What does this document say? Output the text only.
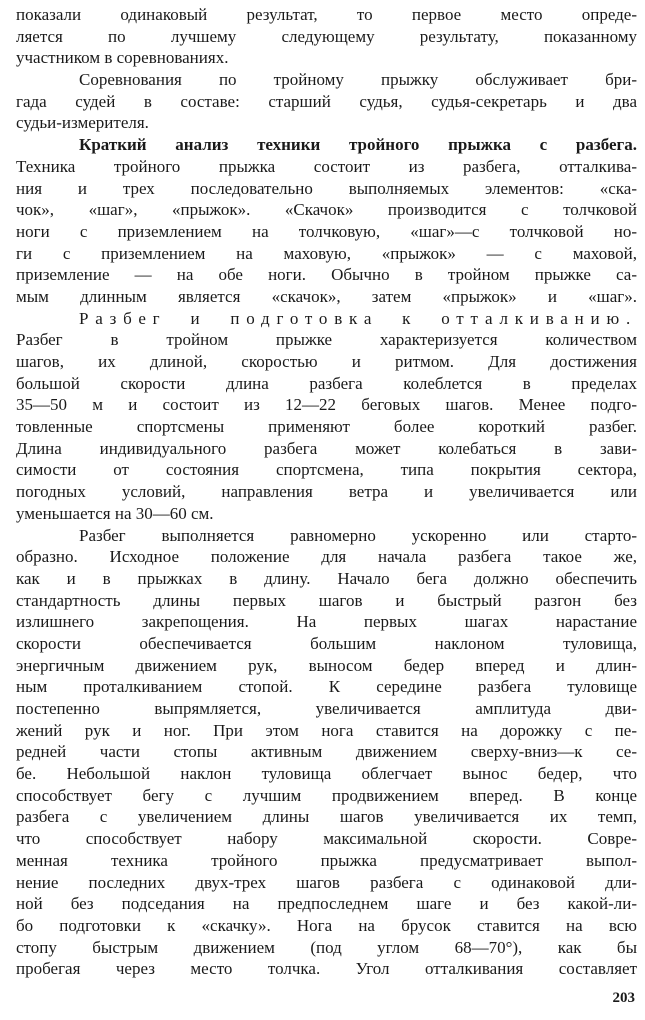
показали одинаковый результат, то первое место опреде-
ляется по лучшему следующему результату, показанному
участником в соревнованиях.
Соревнования по тройному прыжку обслуживает бри-
гада судей в составе: старший судья, судья-секретарь и два
судьи-измерителя.
Краткий анализ техники тройного прыжка с разбега.
Техника тройного прыжка состоит из разбега, отталкива-
ния и трех последовательно выполняемых элементов: «ска-
чок», «шаг», «прыжок». «Скачок» производится с толчковой
ноги с приземлением на толчковую, «шаг»—с толчковой но-
ги с приземлением на маховую, «прыжок» — с маховой,
приземление — на обе ноги. Обычно в тройном прыжке са-
мым длинным является «скачок», затем «прыжок» и «шаг».
Разбег и подготовка к отталкиванию.
Разбег в тройном прыжке характеризуется количеством
шагов, их длиной, скоростью и ритмом. Для достижения
большой скорости длина разбега колеблется в пределах
35—50 м и состоит из 12—22 беговых шагов. Менее подго-
товленные спортсмены применяют более короткий разбег.
Длина индивидуального разбега может колебаться в зави-
симости от состояния спортсмена, типа покрытия сектора,
погодных условий, направления ветра и увеличивается или
уменьшается на 30—60 см.
Разбег выполняется равномерно ускоренно или старто-
образно. Исходное положение для начала разбега такое же,
как и в прыжках в длину. Начало бега должно обеспечить
стандартность длины первых шагов и быстрый разгон без
излишнего закрепощения. На первых шагах нарастание
скорости обеспечивается большим наклоном туловища,
энергичным движением рук, выносом бедер вперед и длин-
ным проталкиванием стопой. К середине разбега туловище
постепенно выпрямляется, увеличивается амплитуда дви-
жений рук и ног. При этом нога ставится на дорожку с пе-
редней части стопы активным движением сверху-вниз—к се-
бе. Небольшой наклон туловища облегчает вынос бедер, что
способствует бегу с лучшим продвижением вперед. В конце
разбега с увеличением длины шагов увеличивается их темп,
что способствует набору максимальной скорости. Совре-
менная техника тройного прыжка предусматривает выпол-
нение последних двух-трех шагов разбега с одинаковой дли-
ной без подседания на предпоследнем шаге и без какой-ли-
бо подготовки к «скачку». Нога на брусок ставится на всю
стопу быстрым движением (под углом 68—70°), как бы
пробегая через место толчка. Угол отталкивания составляет
203
